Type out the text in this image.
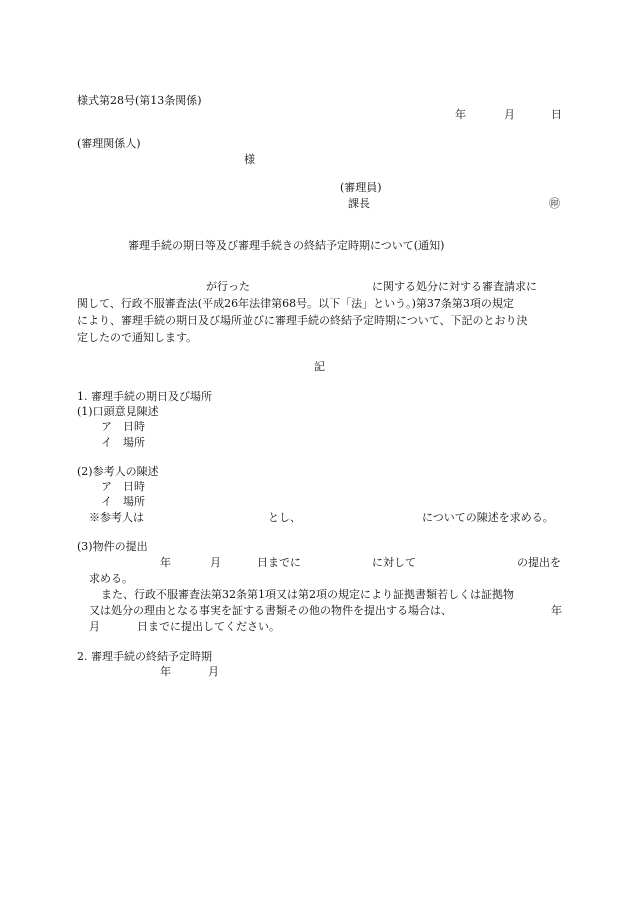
様式第28号(第13条関係)
年	月	日
(審理関係人)
様
(審理員)
課長	㊞
審理手続の期日等及び審理手続きの終結予定時期について(通知)
が行った	に関する処分に対する審査請求に
関して、行政不服審査法(平成26年法律第68号。以下「法」という。)第37条第3項の規定
により、審理手続の期日及び場所並びに審理手続の終結予定時期について、下記のとおり決
定したので通知します。
記
1. 審理手続の期日及び場所
(1)口頭意見陳述
ア　日時
イ　場所
(2)参考人の陳述
ア　日時
イ　場所
※参考人は	とし、	についての陳述を求める。
(3)物件の提出
年	月	日までに	に対して	の提出を
求める。
また、行政不服審査法第32条第1項又は第2項の規定により証拠書類若しくは証拠物
又は処分の理由となる事実を証する書類その他の物件を提出する場合は、	年
月	日までに提出してください。
2. 審理手続の終結予定時期
年	月
